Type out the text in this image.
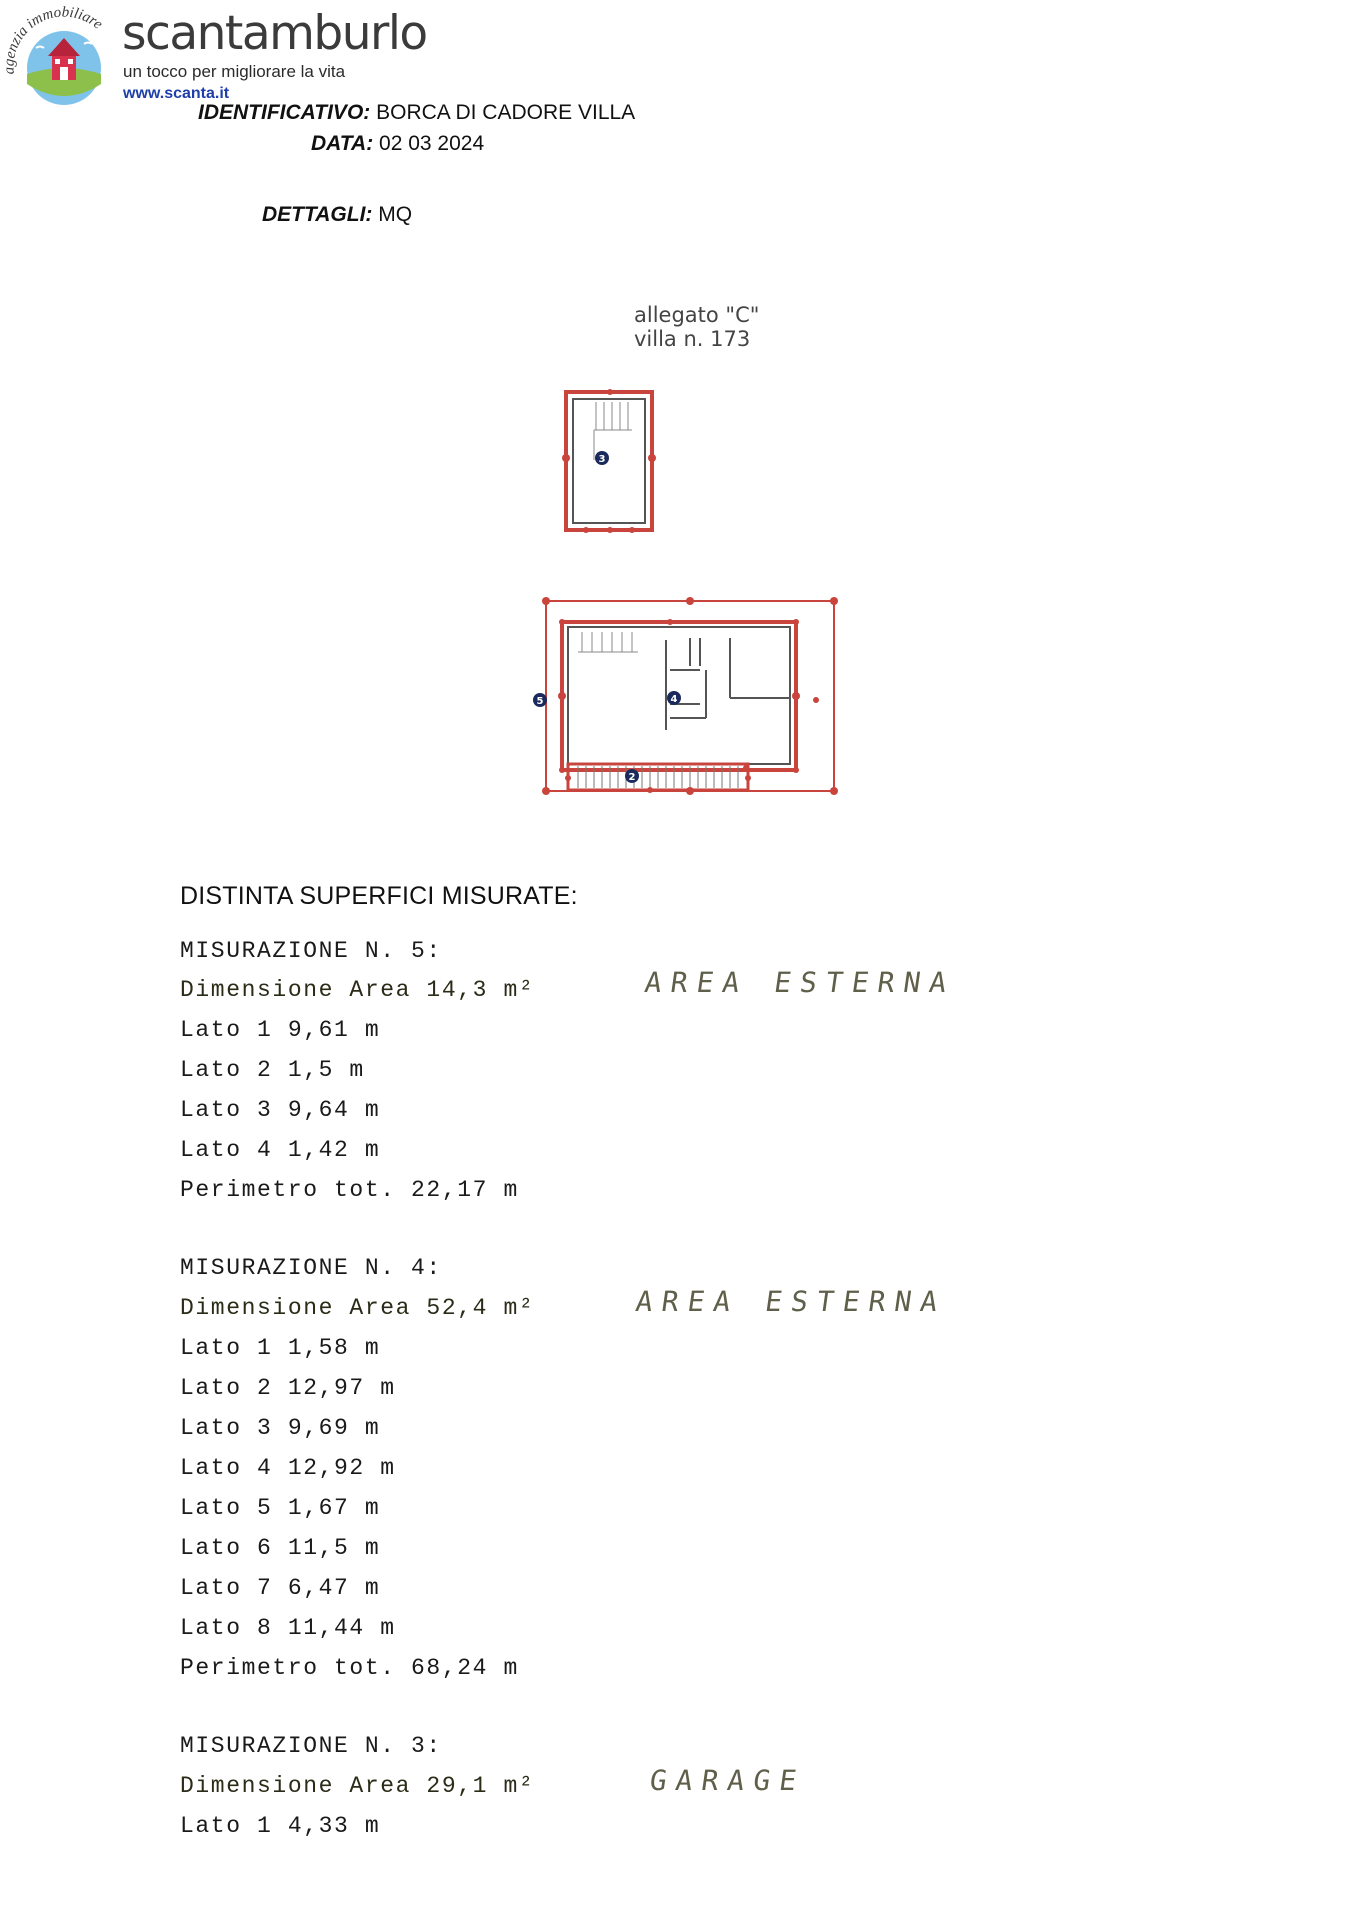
agenzia immobiliare scantamburlo
un tocco per migliorare la vita
www.scanta.it
IDENTIFICATIVO: BORCA DI CADORE VILLA
DATA: 02 03 2024
DETTAGLI: MQ
allegato "C"
villa n. 173
3
5	4
2
DISTINTA SUPERFICI MISURATE:
MISURAZIONE N. 5:
Dimensione Area 14,3 m²	AREA ESTERNA
Lato 1 9,61 m
Lato 2 1,5 m
Lato 3 9,64 m
Lato 4 1,42 m
Perimetro tot. 22,17 m
MISURAZIONE N. 4:
Dimensione Area 52,4 m²	AREA ESTERNA
Lato 1 1,58 m
Lato 2 12,97 m
Lato 3 9,69 m
Lato 4 12,92 m
Lato 5 1,67 m
Lato 6 11,5 m
Lato 7 6,47 m
Lato 8 11,44 m
Perimetro tot. 68,24 m
MISURAZIONE N. 3:
Dimensione Area 29,1 m²	GARAGE
Lato 1 4,33 m
